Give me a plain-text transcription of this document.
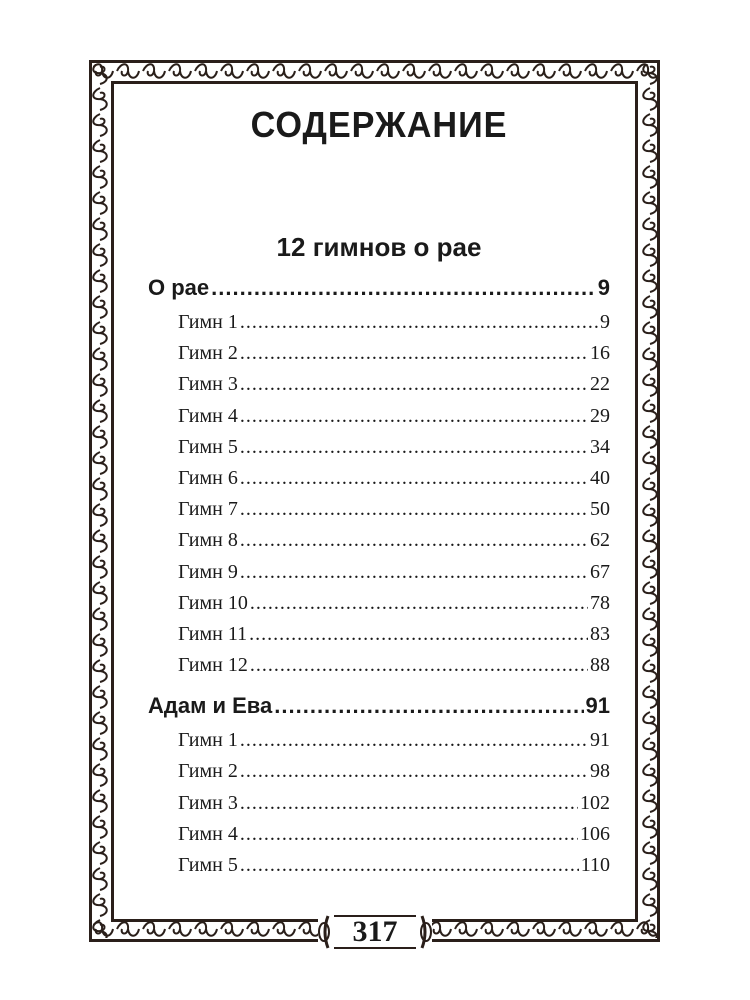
317
СОДЕРЖАНИЕ
12 гимнов о рае
О рае .....	9
Гимн 1 .....	9
Гимн 2 .....	16
Гимн 3 .....	22
Гимн 4 .....	29
Гимн 5 .....	34
Гимн 6 .....	40
Гимн 7 .....	50
Гимн 8 .....	62
Гимн 9 .....	67
Гимн 10 .....	78
Гимн 11 .....	83
Гимн 12 .....	88
Адам и Ева .....	91
Гимн 1 .....	91
Гимн 2 .....	98
Гимн 3 .....	102
Гимн 4 .....	106
Гимн 5 .....	110
